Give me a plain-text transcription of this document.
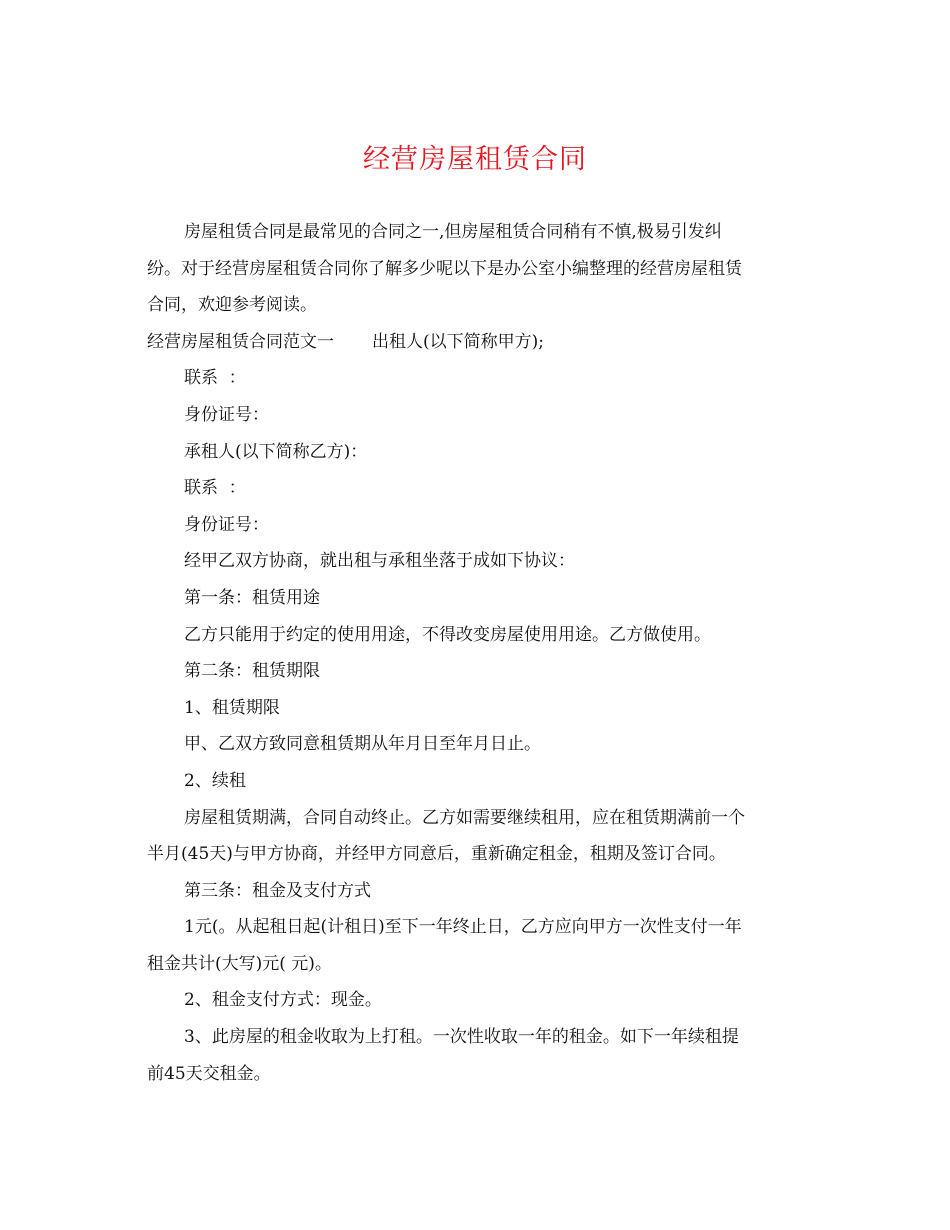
经营房屋租赁合同

房屋租赁合同是最常见的合同之一,但房屋租赁合同稍有不慎,极易引发纠

纷。对于经营房屋租赁合同你了解多少呢以下是办公室小编整理的经营房屋租赁

合同，欢迎参考阅读。

经营房屋租赁合同范文一 出租人(以下简称甲方);

联系  ：

身份证号：

承租人(以下简称乙方)：

联系  ：

身份证号：

经甲乙双方协商，就出租与承租坐落于成如下协议：

第一条：租赁用途

乙方只能用于约定的使用用途，不得改变房屋使用用途。乙方做使用。

第二条：租赁期限

1、租赁期限

甲、乙双方致同意租赁期从年月日至年月日止。

2、续租

房屋租赁期满，合同自动终止。乙方如需要继续租用，应在租赁期满前一个

半月(45天)与甲方协商，并经甲方同意后，重新确定租金，租期及签订合同。

第三条：租金及支付方式

1元(。从起租日起(计租日)至下一年终止日，乙方应向甲方一次性支付一年

租金共计(大写)元( 元)。

2、租金支付方式：现金。

3、此房屋的租金收取为上打租。一次性收取一年的租金。如下一年续租提

前45天交租金。
